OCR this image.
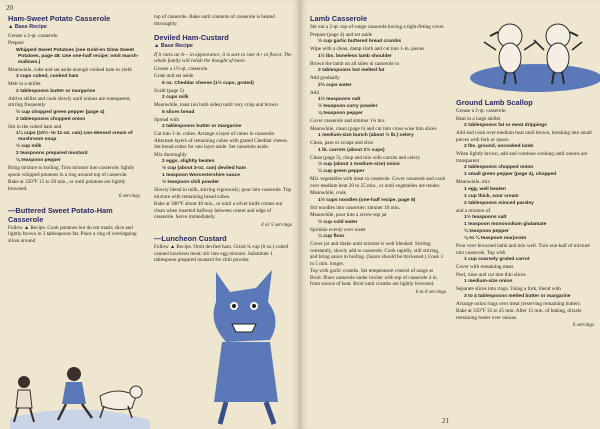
20
Ham-Sweet Potato Casserole
▲ Base Recipe

Grease a 2-qt. casserole.

Prepare

Whipped Sweet Potatoes (see Gold-en Glow Sweet Potatoes, page 48. Use one-half recipe; omit marsh-mallows.)

Meanwhile, cube and set aside enough cooked ham to yield

3 cups cubed, cooked ham

Melt in a skillet

2 tablespoons butter or margarine

Add to skillet and cook slowly until onions are transparent, stirring frequently

½ cup chopped green pepper (page 4)

2 tablespoons chopped onion

Stir in the cubed ham and

1¼ cups (10½- to 11-oz. can) con-densed cream of mushroom soup

½ cup milk

2 teaspoons prepared mustard

⅛ teaspoon pepper

Bring mixture to boiling. Turn mixture into casserole; lightly spoon whipped potatoes in a ring around top of casserole.

Bake at 350°F 15 to 20 min., or until potatoes are lightly browned.

6 servings

—Buttered Sweet Potato-Ham Casserole

Follow ▲ Recipe. Cook potatoes but do not mash; slice and lightly brown in 3 tablespoons fat. Place a ring of overlapping slices around

top of casserole. Bake until contents of casserole is heated thoroughly.

Deviled Ham-Custard
▲ Base Recipe

If it rates an A— in appearance, it is sure to rate A+ in flavor. The whole family will relish the thought of more.

Grease a 1½-qt. casserole.

Grate and set aside

6 oz. Cheddar cheese (1½ cups, grated)

Scald (page 5)

2 cups milk

Meanwhile, toast (on both sides) until very crisp and brown

5 slices bread

Spread with

2 tablespoons butter or margarine

Cut into 1-in. cubes. Arrange a layer of cubes in casserole. Alternate layers of remaining cubes with grated Cheddar cheese. Set bread cubes for one layer aside. Set casserole aside.

Mix thoroughly

2 eggs, slightly beaten

½ cup (about 3-oz. can) deviled ham

1 teaspoon Worcestershire sauce

½ teaspoon chili powder

Slowly blend in milk, stirring vigorously; pour into casserole. Top mixture with remaining bread cubes.

Bake at 300°F about 40 min., or until a silver knife comes out clean when inserted halfway between center and edge of casserole. Serve immediately.

4 or 5 servings

—Luncheon Custard

Follow ▲ Recipe. Omit deviled ham. Grind ¾ cup (6 oz.) cubed canned luncheon meat; stir into egg mixture. Substitute 1 tablespoon prepared mustard for chili powder.

21
Lamb Casserole

Set out a 2-qt. top-of-range casserole having a tight-fitting cover.

Prepare (page 4) and set aside

½ cup garlic buttered bread crumbs

Wipe with a clean, damp cloth and cut into 1-in. pieces

1½ lbs. boneless lamb shoulder

Brown the lamb on all sides in casserole in

2 tablespoons hot melted fat

Add gradually

2½ cups water

Add

1½ teaspoons salt

½ teaspoon curry powder

⅛ teaspoon pepper

Cover casserole and simmer 1¼ hrs.

Meanwhile, clean (page 6) and cut into cross-wise thin slices

1 medium-size bunch (about ½ lb.) celery

Clean, pare or scrape and slice

1 lb. carrots (about 2½ cups)

Clean (page 5), chop and mix with carrots and celery

½ cup (about 1 medium-size) onion

¼ cup green pepper

Mix vegetables with meat in casserole. Cover casserole and cook over medium heat 20 to 25 min., or until vegetables are tender.

Meanwhile, cook

1½ cups noodles (one-half recipe, page 8)

Stir noodles into casserole; simmer 10 min.

Meanwhile, pour into a screw-top jar

½ cup cold water

Sprinkle evenly over water

¼ cup flour

Cover jar and shake until mixture is well blended. Stirring constantly, slowly add to casserole. Cook rapidly, still stirring, and bring sauce to boiling. (Sauce should be thickened.) Cook 3 to 5 min. longer.

Top with garlic crumbs. Set temperature control of range at Broil. Place casserole under broiler with top of casserole 4 in. from source of heat. Broil until crumbs are lightly browned.

6 to 8 servings

Ground Lamb Scallop

Grease a 2-qt. casserole.

Heat in a large skillet

2 tablespoons fat or meat drippings

Add and cook over medium heat until brown, breaking into small pieces with fork or spoon

2 lbs. ground, uncooked lamb

When lightly brown, add and continue cooking until onions are transparent

2 tablespoons chopped onion

1 small green pepper (page 4), chopped

Meanwhile, mix

1 egg, well beaten

1 cup thick, sour cream

2 tablespoons minced parsley

and a mixture of

1½ teaspoons salt

1 teaspoon monosodium glutamate

¼ teaspoon pepper

⅛ to ¼ teaspoon marjoram

Pour over browned lamb and mix well. Turn one-half of mixture into casserole. Top with

1 cup coarsely grated carrot

Cover with remaining meat.

Peel, rinse and cut into thin slices

1 medium-size onion

Separate slices into rings. Using a fork, blend with

3 to 4 tablespoons melted butter or margarine

Arrange onion rings over meat (reserving remaining butter).

Bake at 350°F 35 to 45 min. After 15 min. of baking, drizzle remaining butter over onions.

6 servings
